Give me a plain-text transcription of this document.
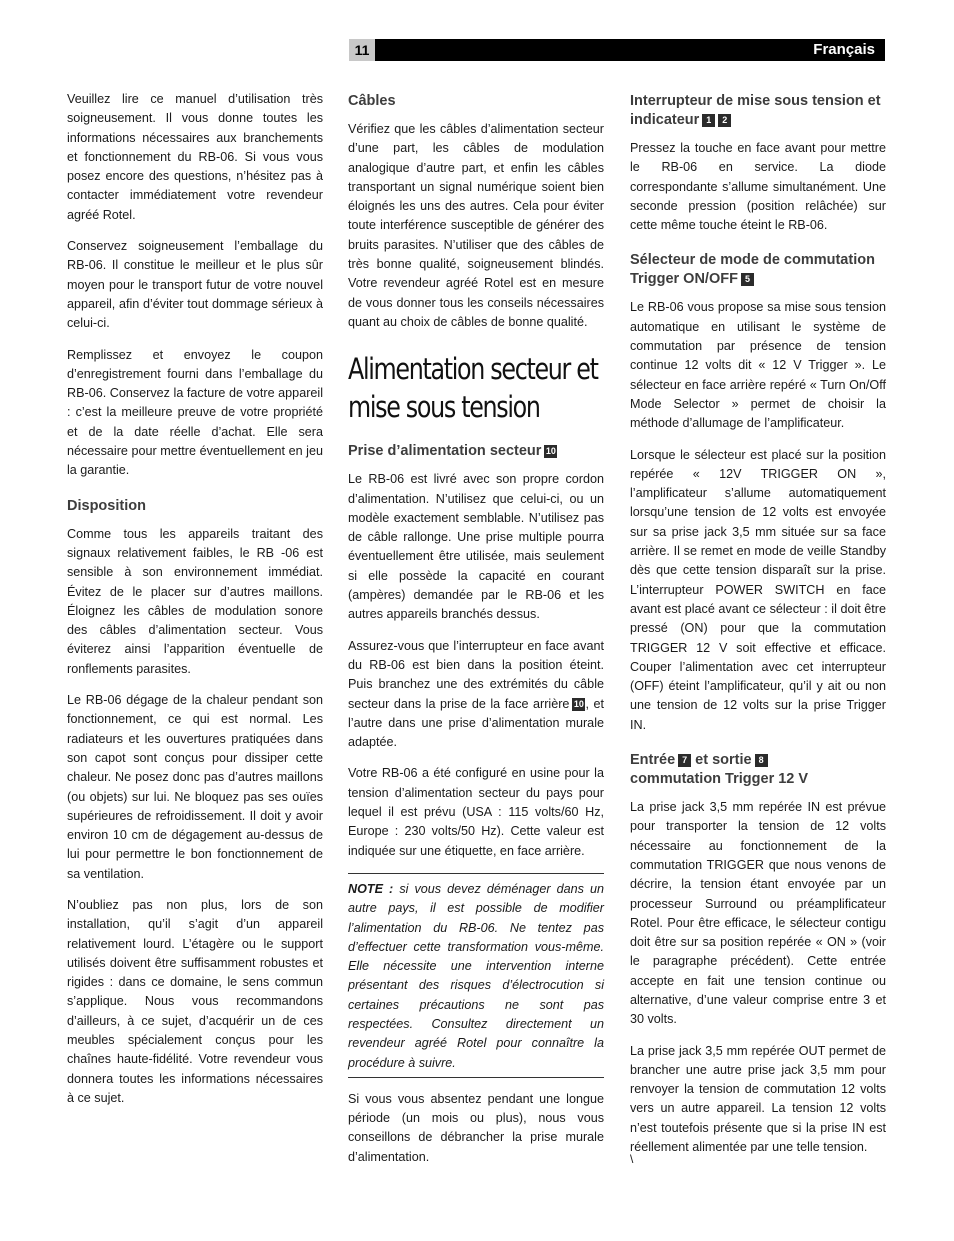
Français
11

Veuillez lire ce manuel d’utilisation très soigneusement. Il vous donne toutes les informations nécessaires aux branchements et fonctionnement du RB-06. Si vous vous posez encore des questions, n’hésitez pas à contacter immédiatement votre revendeur agréé Rotel.

Conservez soigneusement l’emballage du RB-06. Il constitue le meilleur et le plus sûr moyen pour le transport futur de votre nouvel appareil, afin d’éviter tout dommage sérieux à celui-ci.

Remplissez et envoyez le coupon d’enregistrement fourni dans l’emballage du RB-06. Conservez la facture de votre appareil : c’est la meilleure preuve de votre propriété et de la date réelle d’achat. Elle sera nécessaire pour mettre éventuellement en jeu la garantie.

Disposition

Comme tous les appareils traitant des signaux relativement faibles, le RB -06 est sensible à son environnement immédiat. Évitez de le placer sur d’autres maillons. Éloignez les câbles de modulation sonore des câbles d’alimentation secteur. Vous éviterez ainsi l’apparition éventuelle de ronflements parasites.

Le RB-06 dégage de la chaleur pendant son fonctionnement, ce qui est normal. Les radiateurs et les ouvertures pratiquées dans son capot sont conçus pour dissiper cette chaleur. Ne posez donc pas d’autres maillons (ou objets) sur lui. Ne bloquez pas ses ouïes supérieures de refroidissement. Il doit y avoir environ 10 cm de dégagement au-dessus de lui pour permettre le bon fonctionnement de sa ventilation.

N’oubliez pas non plus, lors de son installation, qu’il s’agit d’un appareil relativement lourd. L’étagère ou le support utilisés doivent être suffisamment robustes et rigides : dans ce domaine, le sens commun s’applique. Nous vous recommandons d’ailleurs, à ce sujet, d’acquérir un de ces meubles spécialement conçus pour les chaînes haute-fidélité. Votre revendeur vous donnera toutes les informations nécessaires à ce sujet.

Câbles

Vérifiez que les câbles d’alimentation secteur d’une part, les câbles de modulation analogique d’autre part, et enfin les câbles transportant un signal numérique soient bien éloignés les uns des autres. Cela pour éviter toute interférence susceptible de générer des bruits parasites. N’utiliser que des câbles de très bonne qualité, soigneusement blindés. Votre revendeur agréé Rotel est en mesure de vous donner tous les conseils nécessaires quant au choix de câbles de bonne qualité.

Alimentation secteur et mise sous tension
Prise d’alimentation secteur 10

Le RB-06 est livré avec son propre cordon d’alimentation. N’utilisez que celui-ci, ou un modèle exactement semblable. N’utilisez pas de câble rallonge. Une prise multiple pourra éventuellement être utilisée, mais seulement si elle possède la capacité en courant (ampères) demandée par le RB-06 et les autres appareils branchés dessus.

Assurez-vous que l’interrupteur en face avant du RB-06 est bien dans la position éteint. Puis branchez une des extrémités du câble secteur dans la prise de la face arrière 10 , et l’autre dans une prise d’alimentation murale adaptée.

Votre RB-06 a été configuré en usine pour la tension d’alimentation secteur du pays pour lequel il est prévu (USA : 115 volts/60 Hz, Europe : 230 volts/50 Hz). Cette valeur est indiquée sur une étiquette, en face arrière.

NOTE : si vous devez déménager dans un autre pays, il est possible de modifier l’alimentation du RB-06. Ne tentez pas d’effectuer cette transformation vous-même. Elle nécessite une intervention interne présentant des risques d’électrocution si certaines précautions ne sont pas respectées. Consultez directement un revendeur agréé Rotel pour connaître la procédure à suivre.

Si vous vous absentez pendant une longue période (un mois ou plus), nous vous conseillons de débrancher la prise murale d’alimentation.

Interrupteur de mise sous tension et indicateur 1 2

Pressez la touche en face avant pour mettre le RB-06 en service. La diode correspondante s’allume simultanément. Une seconde pression (position relâchée) sur cette même touche éteint le RB-06.

Sélecteur de mode de commutation Trigger ON/OFF 5

Le RB-06 vous propose sa mise sous tension automatique en utilisant le système de commutation par présence de tension continue 12 volts dit « 12 V Trigger ». Le sélecteur en face arrière repéré « Turn On/Off Mode Selector » permet de choisir la méthode d’allumage de l’amplificateur.

Lorsque le sélecteur est placé sur la position repérée « 12V TRIGGER ON », l’amplificateur s’allume automatiquement lorsqu’une tension de 12 volts est envoyée sur sa prise jack 3,5 mm située sur sa face arrière. Il se remet en mode de veille Standby dès que cette tension disparaît sur la prise. L’interrupteur POWER SWITCH en face avant est placé avant ce sélecteur : il doit être pressé (ON) pour que la commutation TRIGGER 12 V soit effective et efficace. Couper l’alimentation avec cet interrupteur (OFF) éteint l’amplificateur, qu’il y ait ou non une tension de 12 volts sur la prise Trigger IN.

Entrée 7 et sortie 8
commutation Trigger 12 V

La prise jack 3,5 mm repérée IN est prévue pour transporter la tension de 12 volts nécessaire au fonctionnement de la commutation TRIGGER que nous venons de décrire, la tension étant envoyée par un processeur Surround ou préamplificateur Rotel. Pour être efficace, le sélecteur contigu doit être sur sa position repérée « ON » (voir le paragraphe précédent). Cette entrée accepte en fait une tension continue ou alternative, d’une valeur comprise entre 3 et 30 volts.

La prise jack 3,5 mm repérée OUT permet de brancher une autre prise jack 3,5 mm pour renvoyer la tension de commutation 12 volts vers un autre appareil. La tension 12 volts n’est toutefois présente que si la prise IN est réellement alimentée par une telle tension.

\
